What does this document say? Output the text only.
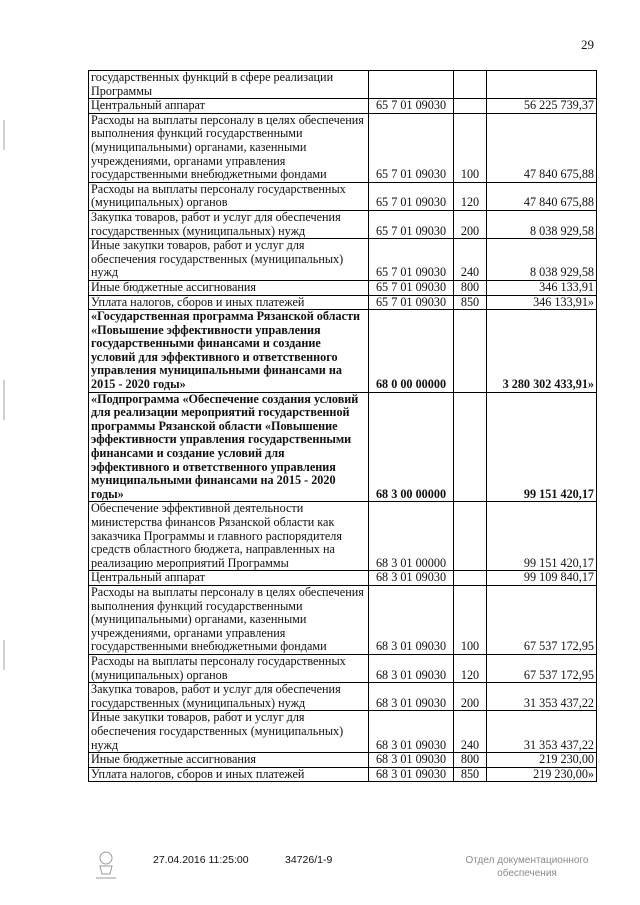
29
государственных функций в сфере реализации Программы			
Центральный аппарат	65 7 01 09030		56 225 739,37
Расходы на выплаты персоналу в целях обеспечения выполнения функций государственными (муниципальными) органами, казенными учреждениями, органами управления государственными внебюджетными фондами	65 7 01 09030	100	47 840 675,88
Расходы на выплаты персоналу государственных (муниципальных) органов	65 7 01 09030	120	47 840 675,88
Закупка товаров, работ и услуг для обеспечения государственных (муниципальных) нужд	65 7 01 09030	200	8 038 929,58
Иные закупки товаров, работ и услуг для обеспечения государственных (муниципальных) нужд	65 7 01 09030	240	8 038 929,58
Иные бюджетные ассигнования	65 7 01 09030	800	346 133,91
Уплата налогов, сборов и иных платежей	65 7 01 09030	850	346 133,91»
«Государственная программа Рязанской области «Повышение эффективности управления государственными финансами и создание условий для эффективного и ответственного управления муниципальными финансами на 2015 - 2020 годы»	68 0 00 00000		3 280 302 433,91»
«Подпрограмма «Обеспечение создания условий для реализации мероприятий государственной программы Рязанской области «Повышение эффективности управления государственными финансами и создание условий для эффективного и ответственного управления муниципальными финансами на 2015 - 2020 годы»	68 3 00 00000		99 151 420,17
Обеспечение эффективной деятельности министерства финансов Рязанской области как заказчика Программы и главного распорядителя средств областного бюджета, направленных на реализацию мероприятий Программы	68 3 01 00000		99 151 420,17
Центральный аппарат	68 3 01 09030		99 109 840,17
Расходы на выплаты персоналу в целях обеспечения выполнения функций государственными (муниципальными) органами, казенными учреждениями, органами управления государственными внебюджетными фондами	68 3 01 09030	100	67 537 172,95
Расходы на выплаты персоналу государственных (муниципальных) органов	68 3 01 09030	120	67 537 172,95
Закупка товаров, работ и услуг для обеспечения государственных (муниципальных) нужд	68 3 01 09030	200	31 353 437,22
Иные закупки товаров, работ и услуг для обеспечения государственных (муниципальных) нужд	68 3 01 09030	240	31 353 437,22
Иные бюджетные ассигнования	68 3 01 09030	800	219 230,00
Уплата налогов, сборов и иных платежей	68 3 01 09030	850	219 230,00»
27.04.2016 11:25:00	34726/1-9	Отдел документационного обеспечения
